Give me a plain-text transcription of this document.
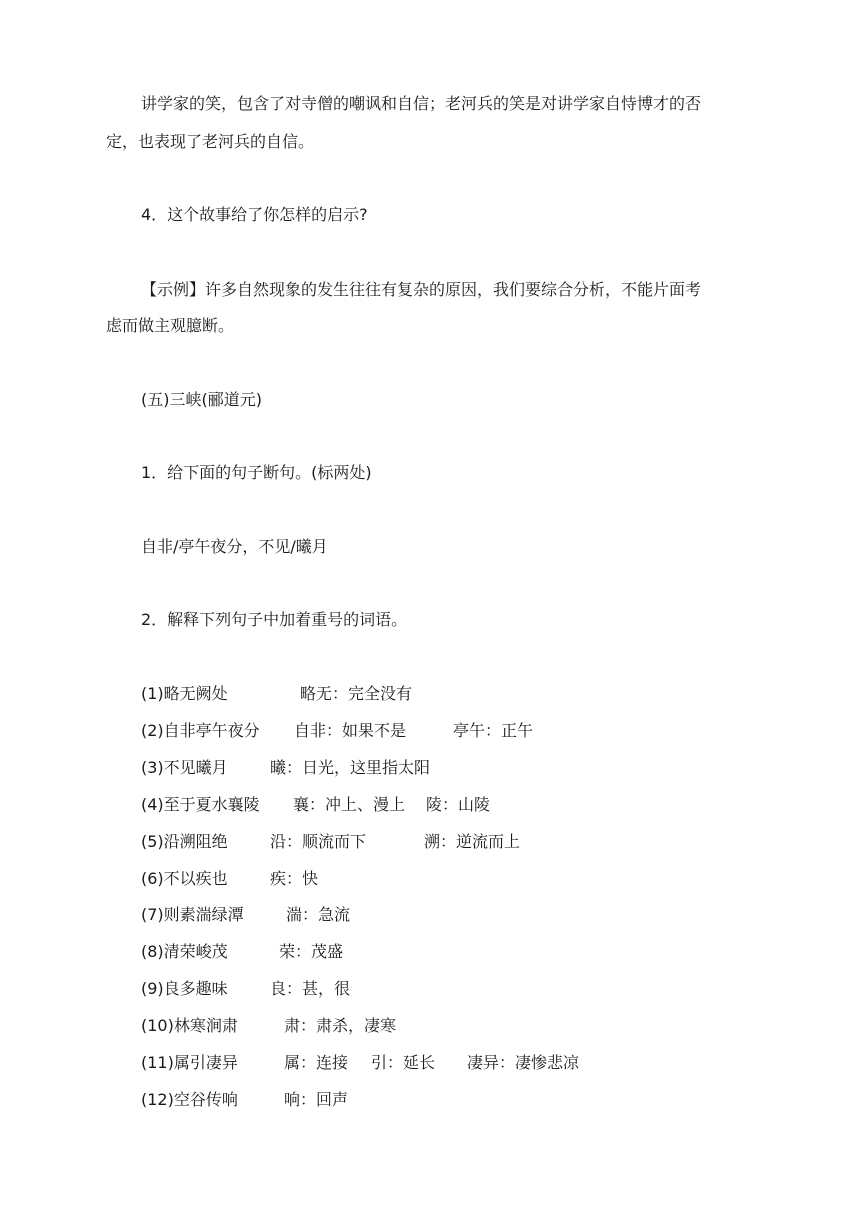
讲学家的笑，包含了对寺僧的嘲讽和自信；老河兵的笑是对讲学家自恃博才的否
定，也表现了老河兵的自信。
4．这个故事给了你怎样的启示?
【示例】许多自然现象的发生往往有复杂的原因，我们要综合分析，不能片面考
虑而做主观臆断。
(五)三峡(郦道元)
1．给下面的句子断句。(标两处)
自非/亭午夜分，不见/曦月
2．解释下列句子中加着重号的词语。
(1)略无阙处	略无：完全没有
(2)自非亭午夜分 自非：如果不是	亭午：正午
(3)不见曦月	曦：日光，这里指太阳
(4)至于夏水襄陵 襄：冲上、漫上 陵：山陵
(5)沿溯阻绝	沿：顺流而下	溯：逆流而上
(6)不以疾也	疾：快
(7)则素湍绿潭	湍：急流
(8)清荣峻茂	荣：茂盛
(9)良多趣味	良：甚，很
(10)林寒涧肃	肃：肃杀，凄寒
(11)属引凄异	属：连接 引：延长 凄异：凄惨悲凉
(12)空谷传响	响：回声
